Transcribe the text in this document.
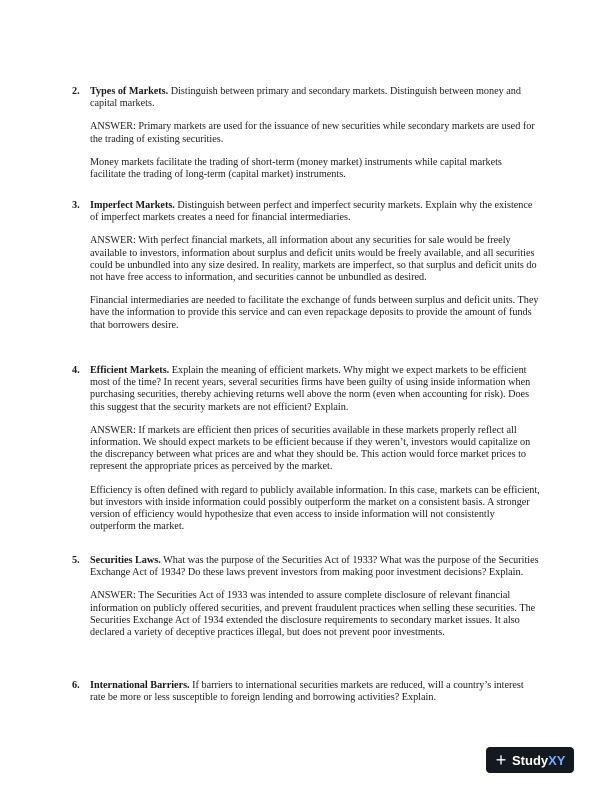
2. Types of Markets. Distinguish between primary and secondary markets. Distinguish between money and capital markets.

ANSWER: Primary markets are used for the issuance of new securities while secondary markets are used for the trading of existing securities.

Money markets facilitate the trading of short-term (money market) instruments while capital markets facilitate the trading of long-term (capital market) instruments.

3. Imperfect Markets. Distinguish between perfect and imperfect security markets. Explain why the existence of imperfect markets creates a need for financial intermediaries.

ANSWER: With perfect financial markets, all information about any securities for sale would be freely available to investors, information about surplus and deficit units would be freely available, and all securities could be unbundled into any size desired. In reality, markets are imperfect, so that surplus and deficit units do not have free access to information, and securities cannot be unbundled as desired.

Financial intermediaries are needed to facilitate the exchange of funds between surplus and deficit units. They have the information to provide this service and can even repackage deposits to provide the amount of funds that borrowers desire.

4. Efficient Markets. Explain the meaning of efficient markets. Why might we expect markets to be efficient most of the time? In recent years, several securities firms have been guilty of using inside information when purchasing securities, thereby achieving returns well above the norm (even when accounting for risk). Does this suggest that the security markets are not efficient? Explain.

ANSWER: If markets are efficient then prices of securities available in these markets properly reflect all information. We should expect markets to be efficient because if they weren’t, investors would capitalize on the discrepancy between what prices are and what they should be. This action would force market prices to represent the appropriate prices as perceived by the market.

Efficiency is often defined with regard to publicly available information. In this case, markets can be efficient, but investors with inside information could possibly outperform the market on a consistent basis. A stronger version of efficiency would hypothesize that even access to inside information will not consistently outperform the market.

5. Securities Laws. What was the purpose of the Securities Act of 1933? What was the purpose of the Securities Exchange Act of 1934? Do these laws prevent investors from making poor investment decisions? Explain.

ANSWER: The Securities Act of 1933 was intended to assure complete disclosure of relevant financial information on publicly offered securities, and prevent fraudulent practices when selling these securities. The Securities Exchange Act of 1934 extended the disclosure requirements to secondary market issues. It also declared a variety of deceptive practices illegal, but does not prevent poor investments.

6. International Barriers. If barriers to international securities markets are reduced, will a country’s interest rate be more or less susceptible to foreign lending and borrowing activities? Explain.

+ Study XY
